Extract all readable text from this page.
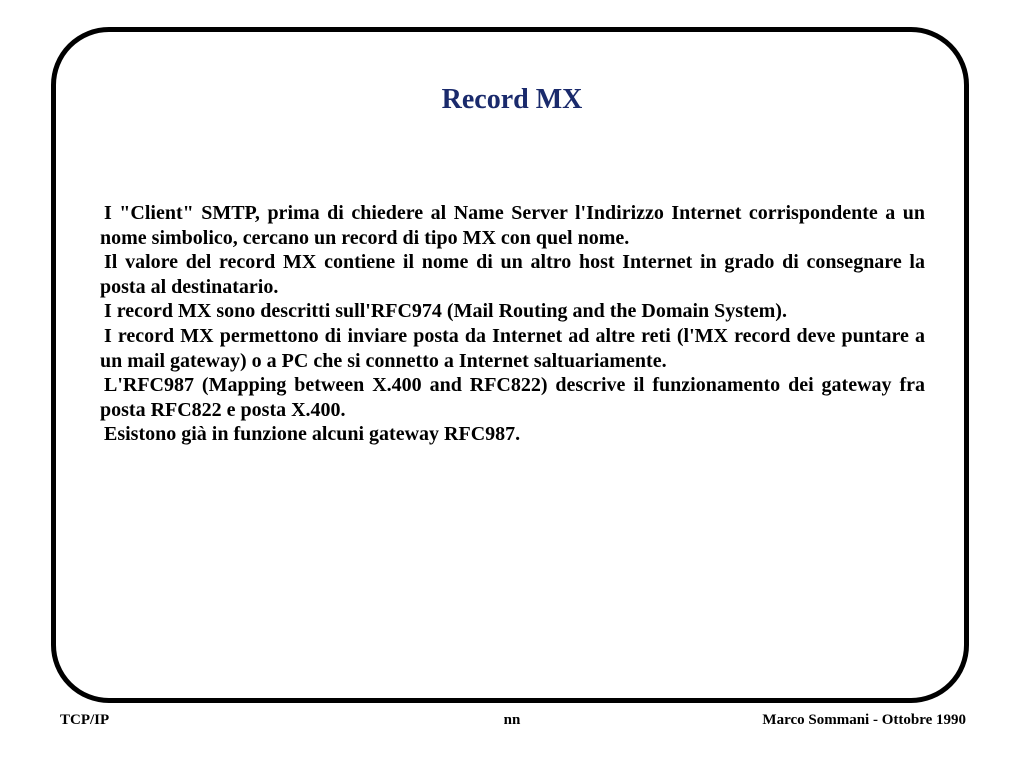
Record MX

I "Client" SMTP, prima di chiedere al Name Server l'Indirizzo Internet corrispondente a un nome simbolico, cercano un record di tipo MX con quel nome.

Il valore del record MX contiene il nome di un altro host Internet in grado di consegnare la posta al destinatario.

I record MX sono descritti sull'RFC974 (Mail Routing and the Domain System).

I record MX permettono di inviare posta da Internet ad altre reti (l'MX record deve puntare a un mail gateway) o a PC che si connetto a Internet saltuariamente.

L'RFC987 (Mapping between X.400 and RFC822) descrive il funzionamento dei gateway fra posta RFC822 e posta X.400.

Esistono già in funzione alcuni gateway RFC987.

TCP/IP	nn	Marco Sommani - Ottobre 1990
